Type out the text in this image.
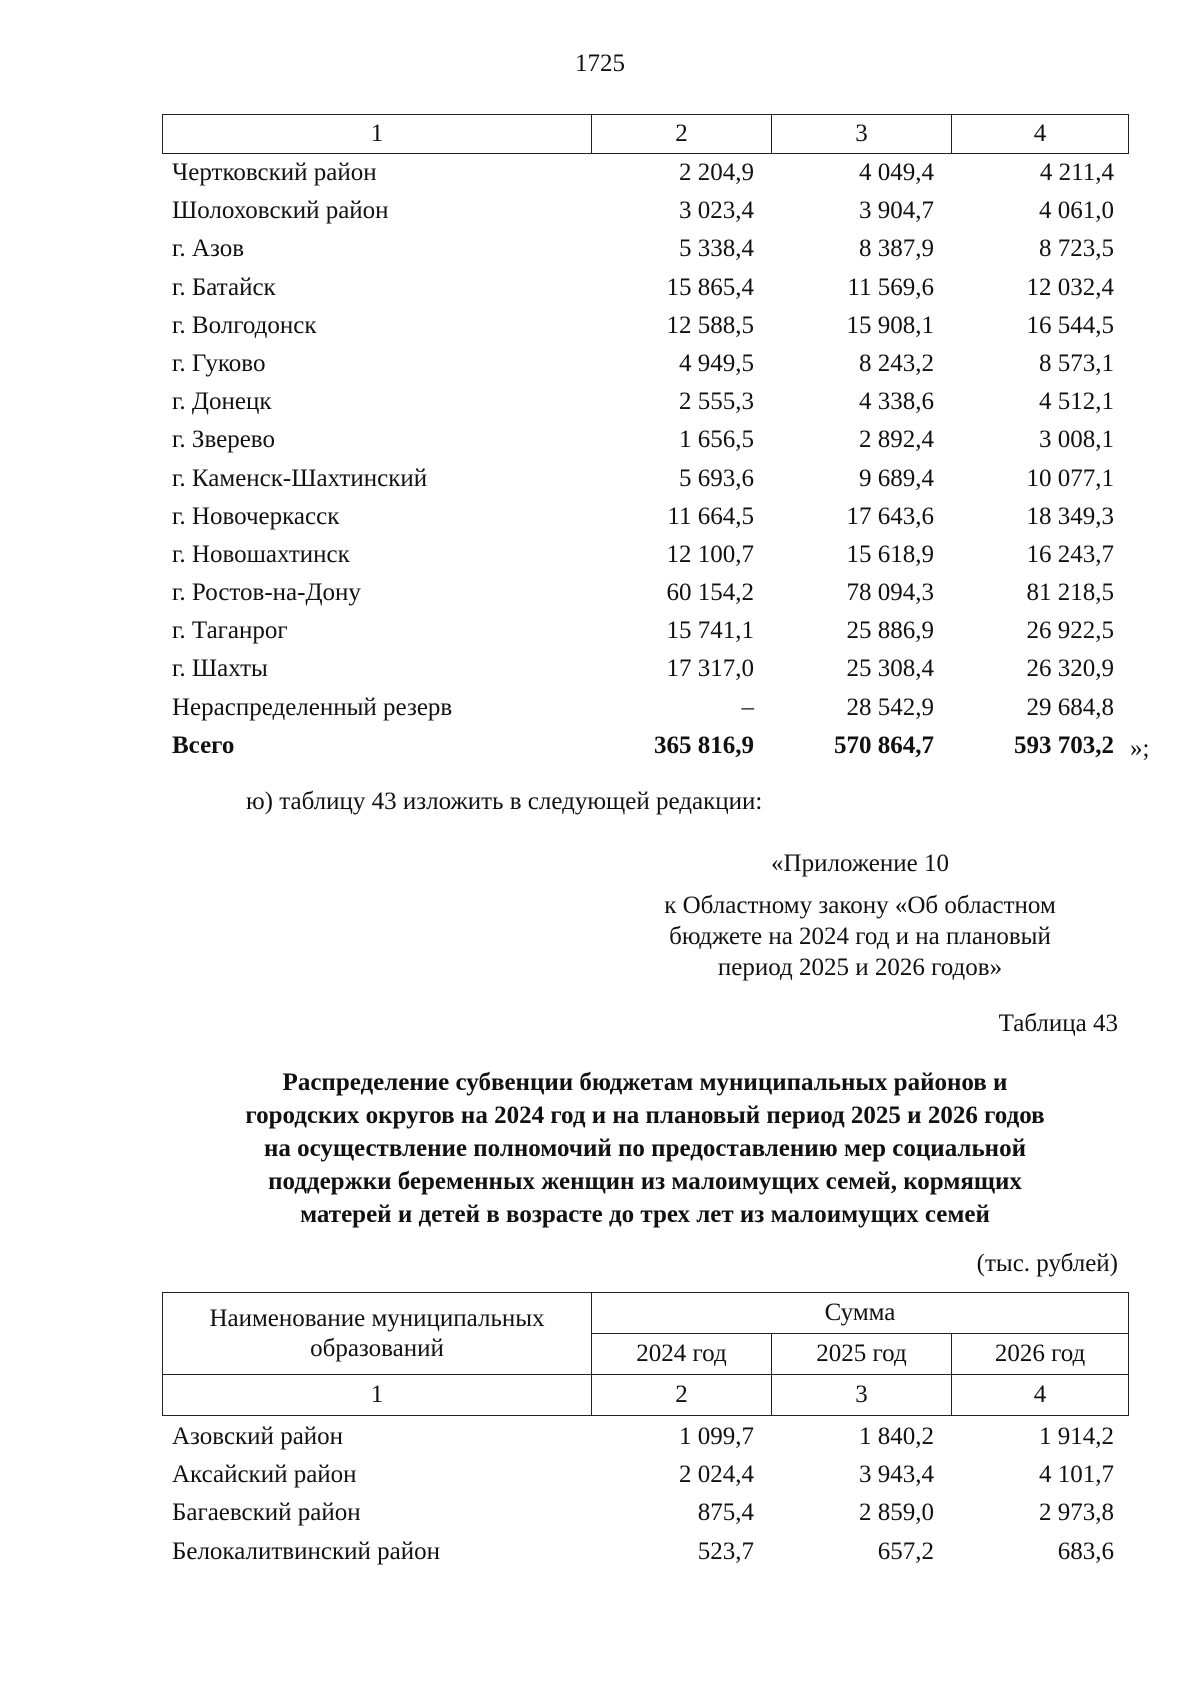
1725
1	2	3	4
Чертковский район	2 204,9	4 049,4	4 211,4
Шолоховский район	3 023,4	3 904,7	4 061,0
г. Азов	5 338,4	8 387,9	8 723,5
г. Батайск	15 865,4	11 569,6	12 032,4
г. Волгодонск	12 588,5	15 908,1	16 544,5
г. Гуково	4 949,5	8 243,2	8 573,1
г. Донецк	2 555,3	4 338,6	4 512,1
г. Зверево	1 656,5	2 892,4	3 008,1
г. Каменск-Шахтинский	5 693,6	9 689,4	10 077,1
г. Новочеркасск	11 664,5	17 643,6	18 349,3
г. Новошахтинск	12 100,7	15 618,9	16 243,7
г. Ростов-на-Дону	60 154,2	78 094,3	81 218,5
г. Таганрог	15 741,1	25 886,9	26 922,5
г. Шахты	17 317,0	25 308,4	26 320,9
Нераспределенный резерв	–	28 542,9	29 684,8
Всего	365 816,9	570 864,7	593 703,2 »;
ю) таблицу 43 изложить в следующей редакции:
«Приложение 10
к Областному закону «Об областном
бюджете на 2024 год и на плановый
период 2025 и 2026 годов»
Таблица 43
Распределение субвенции бюджетам муниципальных районов и
городских округов на 2024 год и на плановый период 2025 и 2026 годов
на осуществление полномочий по предоставлению мер социальной
поддержки беременных женщин из малоимущих семей, кормящих
матерей и детей в возрасте до трех лет из малоимущих семей
(тыс. рублей)
Наименование муниципальных
образований	Сумма		
	2024 год	2025 год	2026 год
1	2	3	4
Азовский район	1 099,7	1 840,2	1 914,2
Аксайский район	2 024,4	3 943,4	4 101,7
Багаевский район	875,4	2 859,0	2 973,8
Белокалитвинский район	523,7	657,2	683,6
